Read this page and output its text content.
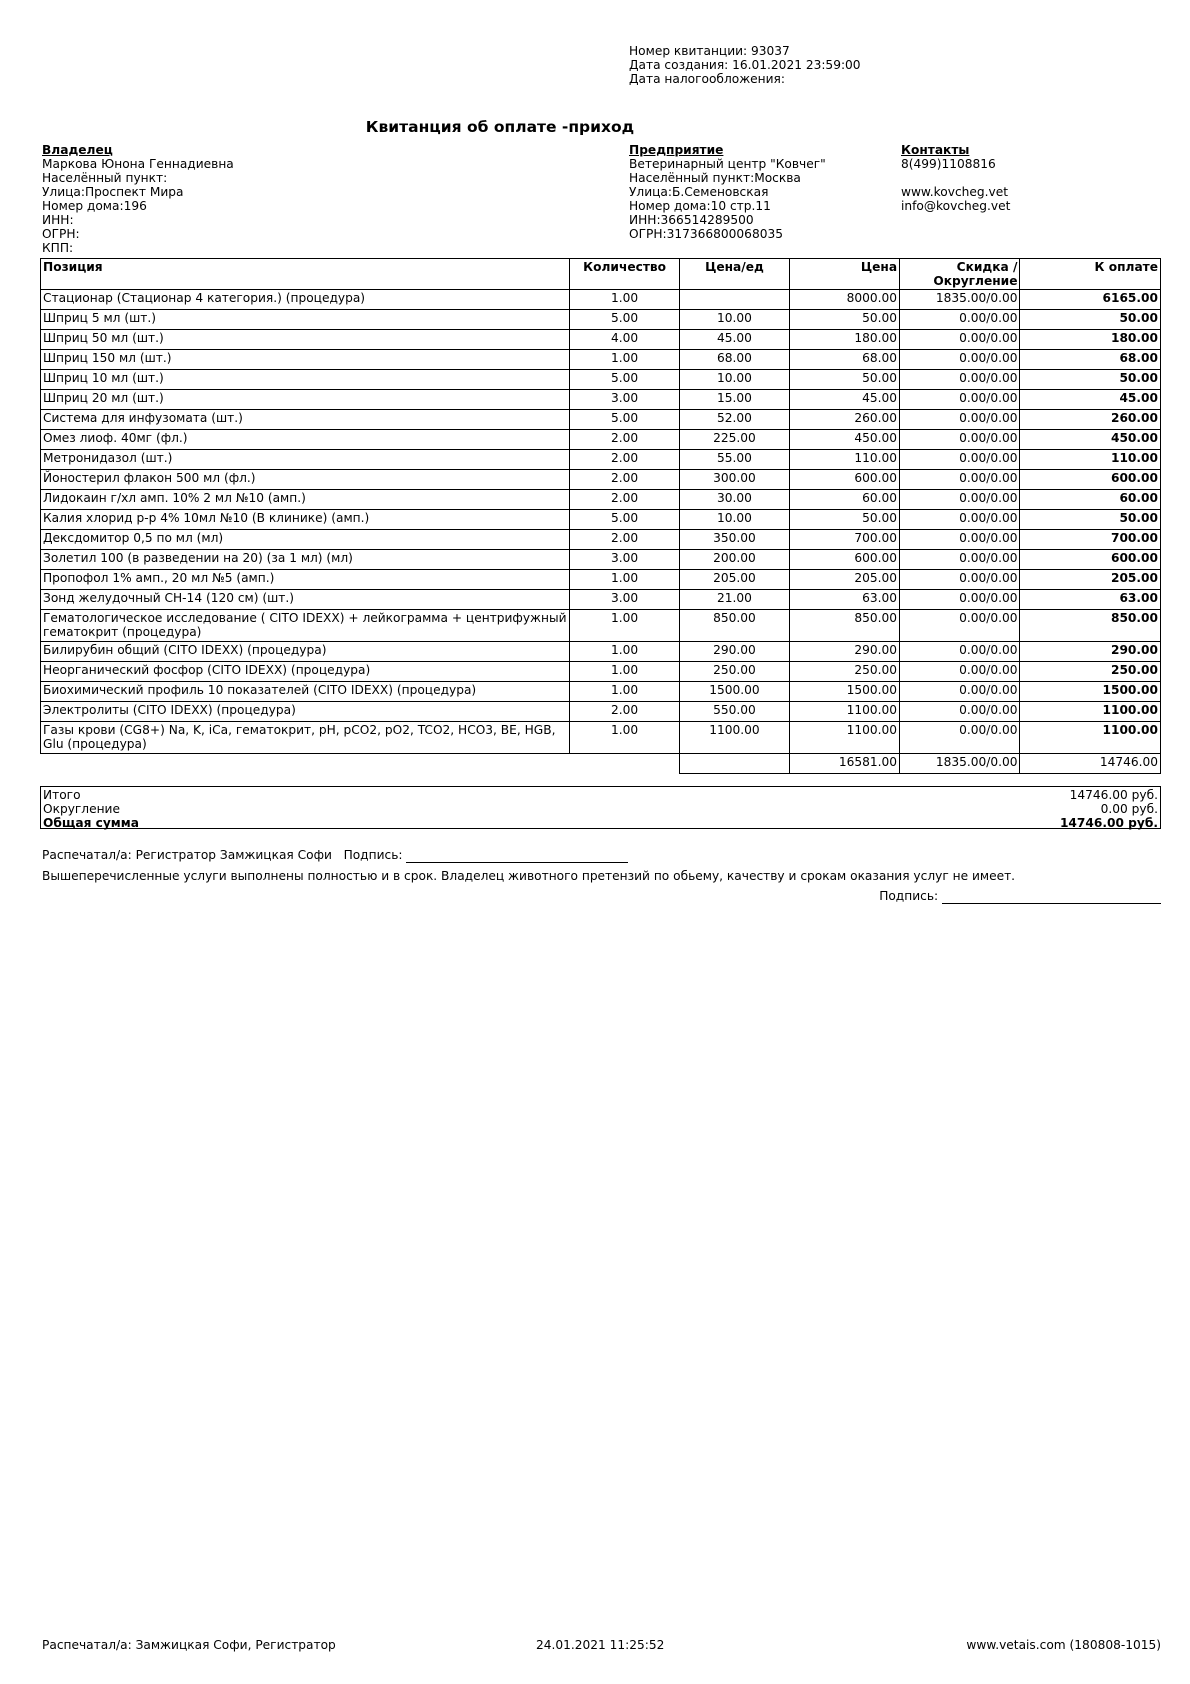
Номер квитанции: 93037
Дата создания: 16.01.2021 23:59:00
Дата налогообложения:
Квитанция об оплате -приход
Владелец
Маркова Юнона Геннадиевна
Населённый пункт:
Улица:Проспект Мира
Номер дома:196
ИНН:
ОГРН:
КПП:
Предприятие
Ветеринарный центр "Ковчег"
Населённый пункт:Москва
Улица:Б.Семеновская
Номер дома:10 стр.11
ИНН:366514289500
ОГРН:317366800068035
Контакты
8(499)1108816

www.kovcheg.vet
info@kovcheg.vet
Позиция	Количество	Цена/ед	Цена	Скидка / Округление	К оплате
Стационар (Стационар 4 категория.) (процедура)	1.00		8000.00	1835.00/0.00	6165.00
Шприц 5 мл (шт.)	5.00	10.00	50.00	0.00/0.00	50.00
Шприц 50 мл (шт.)	4.00	45.00	180.00	0.00/0.00	180.00
Шприц 150 мл (шт.)	1.00	68.00	68.00	0.00/0.00	68.00
Шприц 10 мл (шт.)	5.00	10.00	50.00	0.00/0.00	50.00
Шприц 20 мл (шт.)	3.00	15.00	45.00	0.00/0.00	45.00
Система для инфузомата (шт.)	5.00	52.00	260.00	0.00/0.00	260.00
Омез лиоф. 40мг (фл.)	2.00	225.00	450.00	0.00/0.00	450.00
Метронидазол (шт.)	2.00	55.00	110.00	0.00/0.00	110.00
Йоностерил флакон 500 мл (фл.)	2.00	300.00	600.00	0.00/0.00	600.00
Лидокаин г/хл амп. 10% 2 мл №10 (амп.)	2.00	30.00	60.00	0.00/0.00	60.00
Калия хлорид р-р 4% 10мл №10 (В клинике) (амп.)	5.00	10.00	50.00	0.00/0.00	50.00
Дексдомитор 0,5 по мл (мл)	2.00	350.00	700.00	0.00/0.00	700.00
Золетил 100 (в разведении на 20) (за 1 мл) (мл)	3.00	200.00	600.00	0.00/0.00	600.00
Пропофол 1% амп., 20 мл №5 (амп.)	1.00	205.00	205.00	0.00/0.00	205.00
Зонд желудочный CH-14 (120 см) (шт.)	3.00	21.00	63.00	0.00/0.00	63.00
Гематологическое исследование ( CITO IDEXX) + лейкограмма + центрифужный гематокрит (процедура)	1.00	850.00	850.00	0.00/0.00	850.00
Билирубин общий (CITO IDEXX) (процедура)	1.00	290.00	290.00	0.00/0.00	290.00
Неорганический фосфор (CITO IDEXX) (процедура)	1.00	250.00	250.00	0.00/0.00	250.00
Биохимический профиль 10 показателей (CITO IDEXX) (процедура)	1.00	1500.00	1500.00	0.00/0.00	1500.00
Электролиты (CITO IDEXX) (процедура)	2.00	550.00	1100.00	0.00/0.00	1100.00
Газы крови (CG8+) Na, K, iCa, гематокрит, pH, pCO2, pO2, TCO2, HCO3, BE, HGB, Glu (процедура)	1.00	1100.00	1100.00	0.00/0.00	1100.00
			16581.00	1835.00/0.00	14746.00
Итого	14746.00 руб.
Округление	0.00 руб.
Общая сумма	14746.00 руб.
Распечатал/а: Регистратор Замжицкая Софи Подпись:
Вышеперечисленные услуги выполнены полностью и в срок. Владелец животного претензий по обьему, качеству и срокам оказания услуг не имеет.
Подпись:
Распечатал/а: Замжицкая Софи, Регистратор	24.01.2021 11:25:52	www.vetais.com (180808-1015)
